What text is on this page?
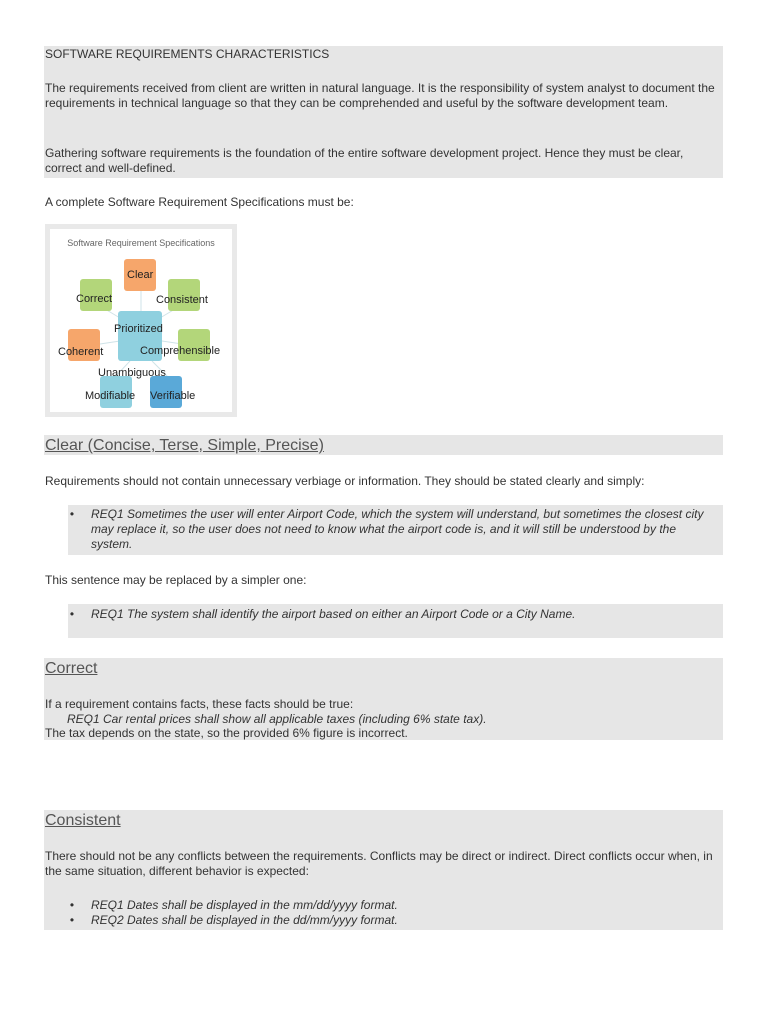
SOFTWARE REQUIREMENTS CHARACTERISTICS

The requirements received from client are written in natural language. It is the responsibility of system analyst to document the requirements in technical language so that they can be comprehended and useful by the software development team.

Gathering software requirements is the foundation of the entire software development project. Hence they must be clear, correct and well-defined.

A complete Software Requirement Specifications must be:
Software Requirement Specifications
Clear
Correct	Consistent
Prioritized
Coherent	Comprehensible
Unambiguous
Modifiable Verifiable
Clear (Concise, Terse, Simple, Precise)
Requirements should not contain unnecessary verbiage or information. They should be stated clearly and simply:
• REQ1 Sometimes the user will enter Airport Code, which the system will understand, but sometimes the closest city may replace it, so the user does not need to know what the airport code is, and it will still be understood by the system.
This sentence may be replaced by a simpler one:
• REQ1 The system shall identify the airport based on either an Airport Code or a City Name.
Correct
If a requirement contains facts, these facts should be true:
REQ1 Car rental prices shall show all applicable taxes (including 6% state tax).
The tax depends on the state, so the provided 6% figure is incorrect.
Consistent
There should not be any conflicts between the requirements. Conflicts may be direct or indirect. Direct conflicts occur when, in the same situation, different behavior is expected:
• REQ1 Dates shall be displayed in the mm/dd/yyyy format.
• REQ2 Dates shall be displayed in the dd/mm/yyyy format.
